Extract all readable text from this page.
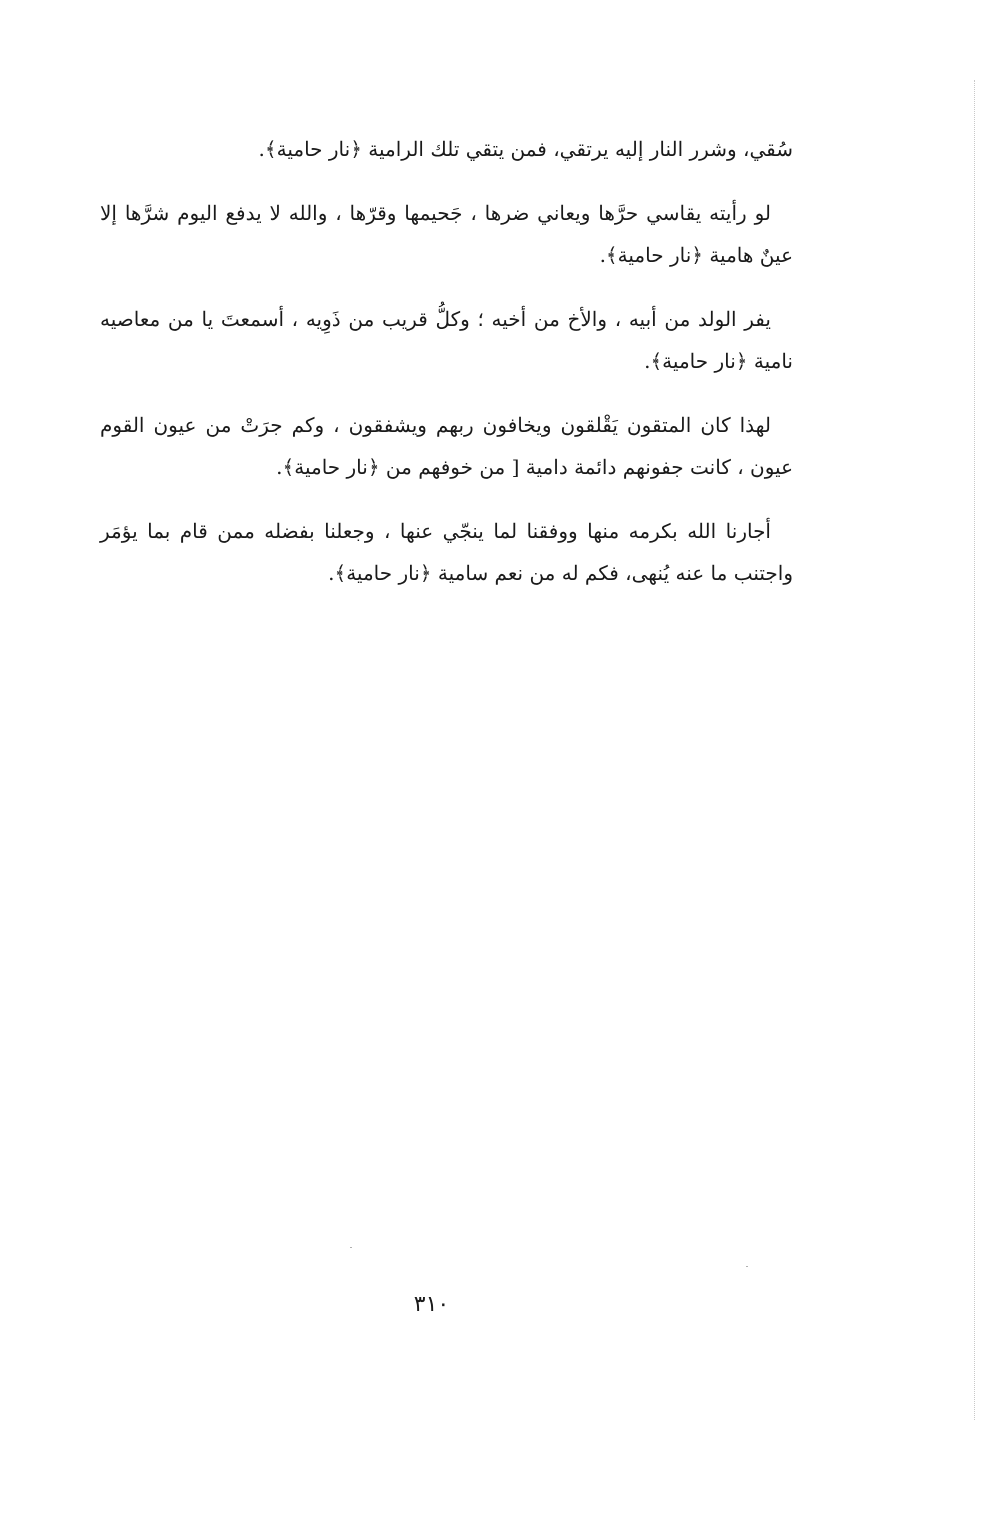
سُقي، وشرر النار إليه يرتقي، فمن يتقي تلك الرامية ﴿نار حامية﴾.

لو رأيته يقاسي حرَّها ويعاني ضرها ، جَحيمها وقرّها ، والله لا يدفع اليوم شرَّها إلا عينٌ هامية ﴿نار حامية﴾.

يفر الولد من أبيه ، والأخ من أخيه ؛ وكلُّ قريب من ذَوِيه ، أسمعتَ يا من معاصيه نامية ﴿نار حامية﴾.

لهذا كان المتقون يَقْلقون ويخافون ربهم ويشفقون ، وكم جرَتْ من عيون القوم عيون ، كانت جفونهم دائمة دامية [ من خوفهم من ﴿نار حامية﴾.

أجارنا الله بكرمه منها ووفقنا لما ينجّي عنها ، وجعلنا بفضله ممن قام بما يؤمَر واجتنب ما عنه يُنهى، فكم له من نعم سامية ﴿نار حامية﴾.

٣١٠
